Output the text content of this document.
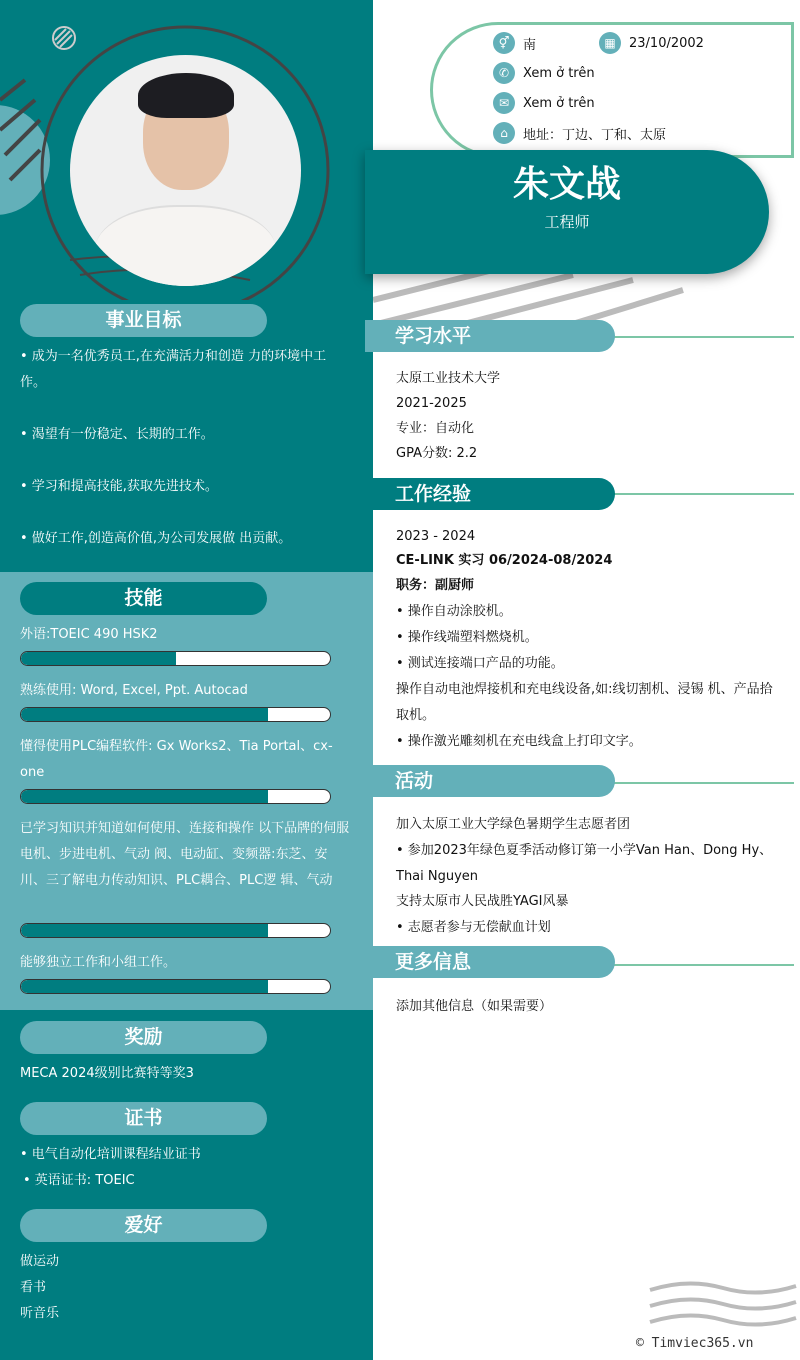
事业目标
• 成为一名优秀员工,在充满活力和创造 力的环境中工作。
• 渴望有一份稳定、长期的工作。
• 学习和提高技能,获取先进技术。
• 做好工作,创造高价值,为公司发展做 出贡献。
技能
外语:TOEIC 490 HSK2
熟练使用: Word, Excel, Ppt. Autocad
懂得使用PLC编程软件: Gx Works2、Tia Portal、cx-one
已学习知识并知道如何使用、连接和操作 以下品牌的伺服电机、步进电机、气动 阀、电动缸、变频器:东芝、安川、三了解电力传动知识、PLC耦合、PLC逻 辑、气动
能够独立工作和小组工作。
奖励
MECA 2024级别比赛特等奖3
证书
• 电气自动化培训课程结业证书
• 英语证书: TOEIC
爱好
做运动
看书
听音乐
⚥	南	▦	23/10/2002
✆	Xem ở trên
✉	Xem ở trên
⌂	地址：丁边、丁和、太原
朱文战
工程师
学习水平
太原工业技术大学
2021-2025
专业：自动化
GPA分数: 2.2
工作经验
2023 - 2024
CE-LINK 实习 06/2024-08/2024
职务：副厨师
• 操作自动涂胶机。
• 操作线端塑料燃烧机。
• 测试连接端口产品的功能。
操作自动电池焊接机和充电线设备,如:线切割机、浸锡 机、产品拾取机。
• 操作激光雕刻机在充电线盒上打印文字。
活动
加入太原工业大学绿色暑期学生志愿者团
• 参加2023年绿色夏季活动修订第一小学Van Han、Dong Hy、Thai Nguyen
支持太原市人民战胜YAGI风暴
• 志愿者参与无偿献血计划
更多信息
添加其他信息（如果需要）
© Timviec365.vn
